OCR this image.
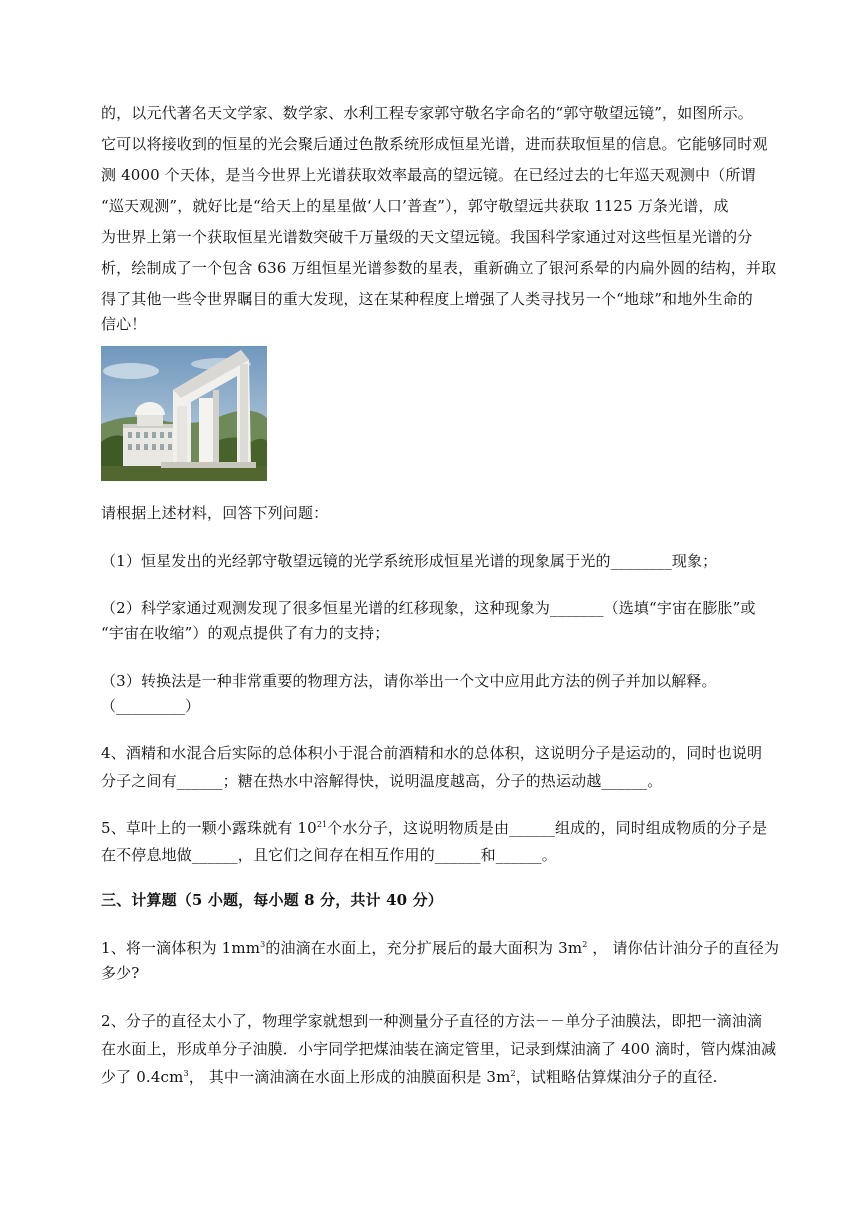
的，以元代著名天文学家、数学家、水利工程专家郭守敬名字命名的“郭守敬望远镜”，如图所示。
它可以将接收到的恒星的光会聚后通过色散系统形成恒星光谱，进而获取恒星的信息。它能够同时观
测 4000 个天体，是当今世界上光谱获取效率最高的望远镜。在已经过去的七年巡天观测中（所谓
“巡天观测”，就好比是“给天上的星星做‘人口’普查”），郭守敬望远共获取 1125 万条光谱，成
为世界上第一个获取恒星光谱数突破千万量级的天文望远镜。我国科学家通过对这些恒星光谱的分
析，绘制成了一个包含 636 万组恒星光谱参数的星表，重新确立了银河系晕的内扁外圆的结构，并取
得了其他一些令世界瞩目的重大发现，这在某种程度上增强了人类寻找另一个“地球”和地外生命的
信心！
请根据上述材料，回答下列问题：
（1）恒星发出的光经郭守敬望远镜的光学系统形成恒星光谱的现象属于光的________现象；
（2）科学家通过观测发现了很多恒星光谱的红移现象，这种现象为_______（选填“宇宙在膨胀”或
“宇宙在收缩”）的观点提供了有力的支持；
（3）转换法是一种非常重要的物理方法，请你举出一个文中应用此方法的例子并加以解释。
（_________）
4、酒精和水混合后实际的总体积小于混合前酒精和水的总体积，这说明分子是运动的，同时也说明
分子之间有______；糖在热水中溶解得快，说明温度越高，分子的热运动越______。
5、草叶上的一颗小露珠就有 $10^{21}$个水分子，这说明物质是由______组成的，同时组成物质的分子是
在不停息地做______，且它们之间存在相互作用的______和______。
三、计算题（5 小题，每小题 8 分，共计 40 分）
1、将一滴体积为 $1mm^3$的油滴在水面上，充分扩展后的最大面积为 $3m^2$ ， 请你估计油分子的直径为
多少?
2、分子的直径太小了，物理学家就想到一种测量分子直径的方法－－单分子油膜法，即把一滴油滴
在水面上，形成单分子油膜．小宇同学把煤油装在滴定管里，记录到煤油滴了 400 滴时，管内煤油减
少了 $0.4cm^3$， 其中一滴油滴在水面上形成的油膜面积是 $3m^2$，试粗略估算煤油分子的直径.
